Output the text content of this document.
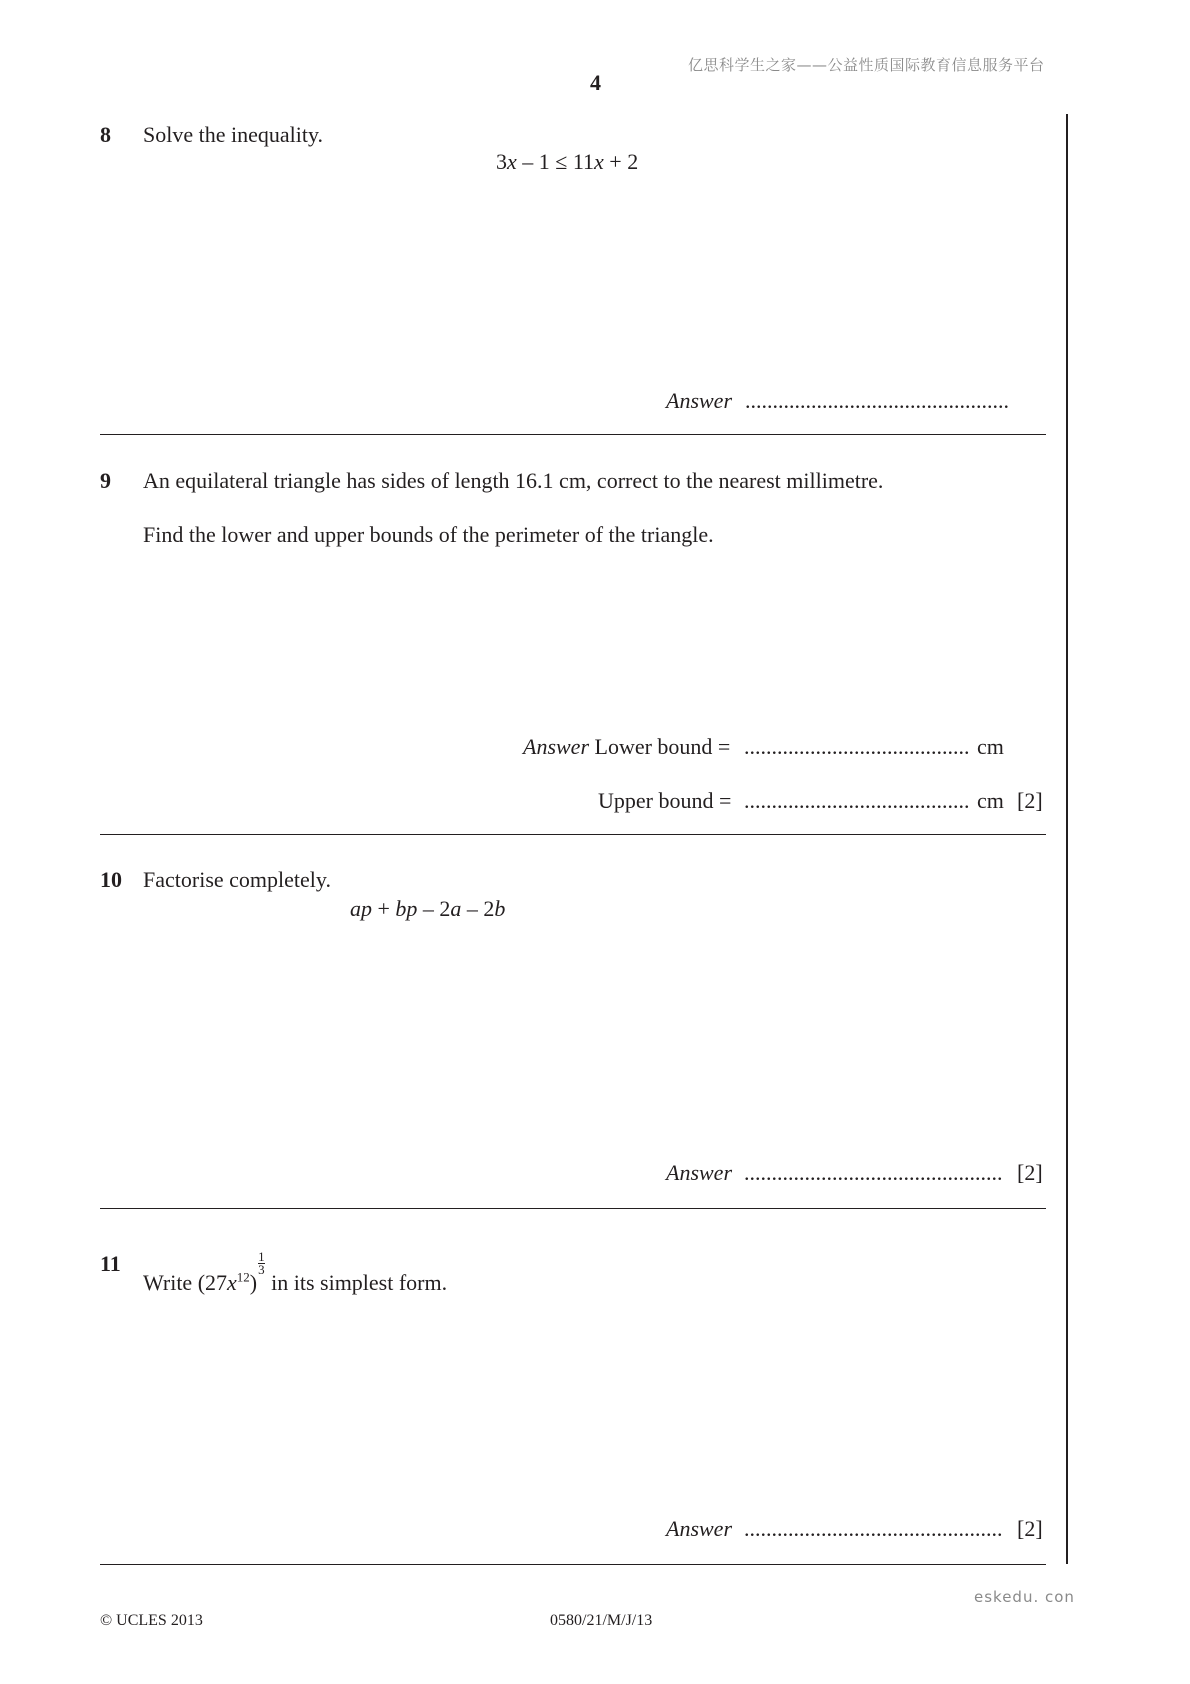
亿思科学生之家——公益性质国际教育信息服务平台
4
8 Solve the inequality.
3x – 1 ≤ 11x + 2
Answer ................................................
9 An equilateral triangle has sides of length 16.1 cm, correct to the nearest millimetre.
Find the lower and upper bounds of the perimeter of the triangle.
Answer Lower bound = ......................................... cm
Upper bound = ......................................... cm [2]
10 Factorise completely.
ap + bp – 2a – 2b
Answer ............................................... [2]
11
Write $(27x^{12})$
$\frac{1}{3}$
in its simplest form.
Answer ............................................... [2]
eskedu. con
© UCLES 2013	0580/21/M/J/13
